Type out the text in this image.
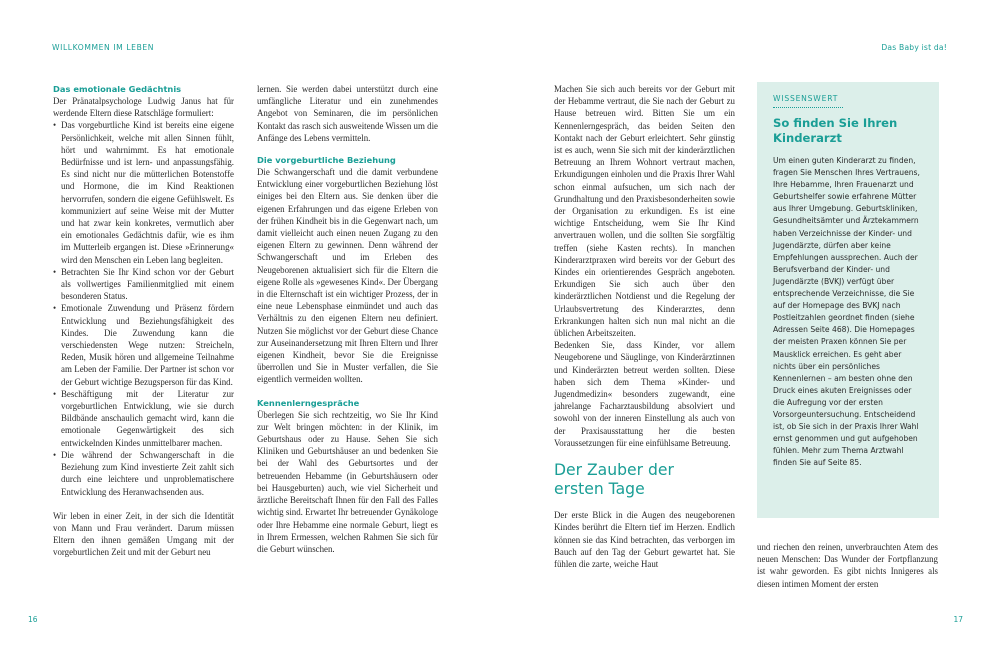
WILLKOMMEN IM LEBEN	Das Baby ist da!
Das emotionale Gedächtnis

Der Pränatalpsychologe Ludwig Janus hat für werdende Eltern diese Ratschläge formuliert:

• Das vorgeburtliche Kind ist bereits eine eigene Persönlichkeit, welche mit allen Sinnen fühlt, hört und wahrnimmt. Es hat emotionale Bedürfnisse und ist lern- und anpassungsfähig. Es sind nicht nur die mütterlichen Botenstoffe und Hormone, die im Kind Reaktionen hervorrufen, sondern die eigene Gefühlswelt. Es kommuniziert auf seine Weise mit der Mutter und hat zwar kein konkretes, vermutlich aber ein emotionales Gedächtnis dafür, wie es ihm im Mutterleib ergangen ist. Diese »Erinnerung« wird den Menschen ein Leben lang begleiten.
• Betrachten Sie Ihr Kind schon vor der Geburt als vollwertiges Familienmitglied mit einem besonderen Status.
• Emotionale Zuwendung und Präsenz fördern Entwicklung und Beziehungsfähigkeit des Kindes. Die Zuwendung kann die verschiedensten Wege nutzen: Streicheln, Reden, Musik hören und allgemeine Teilnahme am Leben der Familie. Der Partner ist schon vor der Geburt wichtige Bezugsperson für das Kind.
• Beschäftigung mit der Literatur zur vorgeburtlichen Entwicklung, wie sie durch Bildbände anschaulich gemacht wird, kann die emotionale Gegenwärtigkeit des sich entwickelnden Kindes unmittelbarer machen.
• Die während der Schwangerschaft in die Beziehung zum Kind investierte Zeit zahlt sich durch eine leichtere und unproblematischere Entwicklung des Heranwachsenden aus.

Wir leben in einer Zeit, in der sich die Identität von Mann und Frau verändert. Darum müssen Eltern den ihnen gemäßen Umgang mit der vorgeburtlichen Zeit und mit der Geburt neu

lernen. Sie werden dabei unterstützt durch eine umfängliche Literatur und ein zunehmendes Angebot von Seminaren, die im persönlichen Kontakt das rasch sich ausweitende Wissen um die Anfänge des Lebens vermitteln.

Die vorgeburtliche Beziehung

Die Schwangerschaft und die damit verbundene Entwicklung einer vorgeburtlichen Beziehung löst einiges bei den Eltern aus. Sie denken über die eigenen Erfahrungen und das eigene Erleben von der frühen Kindheit bis in die Gegenwart nach, um damit vielleicht auch einen neuen Zugang zu den eigenen Eltern zu gewinnen. Denn während der Schwangerschaft und im Erleben des Neugeborenen aktualisiert sich für die Eltern die eigene Rolle als »gewesenes Kind«. Der Übergang in die Elternschaft ist ein wichtiger Prozess, der in eine neue Lebensphase einmündet und auch das Verhältnis zu den eigenen Eltern neu definiert. Nutzen Sie möglichst vor der Geburt diese Chance zur Auseinandersetzung mit Ihren Eltern und Ihrer eigenen Kindheit, bevor Sie die Ereignisse überrollen und Sie in Muster verfallen, die Sie eigentlich vermeiden wollten.

Kennenlerngespräche

Überlegen Sie sich rechtzeitig, wo Sie Ihr Kind zur Welt bringen möchten: in der Klinik, im Geburtshaus oder zu Hause. Sehen Sie sich Kliniken und Geburtshäuser an und bedenken Sie bei der Wahl des Geburtsortes und der betreuenden Hebamme (in Geburtshäusern oder bei Hausgeburten) auch, wie viel Sicherheit und ärztliche Bereitschaft Ihnen für den Fall des Falles wichtig sind. Erwartet Ihr betreuender Gynäkologe oder Ihre Hebamme eine normale Geburt, liegt es in Ihrem Ermessen, welchen Rahmen Sie sich für die Geburt wünschen.

Machen Sie sich auch bereits vor der Geburt mit der Hebamme vertraut, die Sie nach der Geburt zu Hause betreuen wird. Bitten Sie um ein Kennenlerngespräch, das beiden Seiten den Kontakt nach der Geburt erleichtert. Sehr günstig ist es auch, wenn Sie sich mit der kinderärztlichen Betreuung an Ihrem Wohnort vertraut machen, Erkundigungen einholen und die Praxis Ihrer Wahl schon einmal aufsuchen, um sich nach der Grundhaltung und den Praxisbesonderheiten sowie der Organisation zu erkundigen. Es ist eine wichtige Entscheidung, wem Sie Ihr Kind anvertrauen wollen, und die sollten Sie sorgfältig treffen (siehe Kasten rechts). In manchen Kinderarztpraxen wird bereits vor der Geburt des Kindes ein orientierendes Gespräch angeboten. Erkundigen Sie sich auch über den kinderärztlichen Notdienst und die Regelung der Urlaubsvertretung des Kinderarztes, denn Erkrankungen halten sich nun mal nicht an die üblichen Arbeitszeiten.

Bedenken Sie, dass Kinder, vor allem Neugeborene und Säuglinge, von Kinderärztinnen und Kinderärzten betreut werden sollten. Diese haben sich dem Thema »Kinder- und Jugendmedizin« besonders zugewandt, eine jahrelange Facharztausbildung absolviert und sowohl von der inneren Einstellung als auch von der Praxisausstattung her die besten Voraussetzungen für eine einfühlsame Betreuung.

Der Zauber der
ersten Tage

Der erste Blick in die Augen des neugeborenen Kindes berührt die Eltern tief im Herzen. Endlich können sie das Kind betrachten, das verborgen im Bauch auf den Tag der Geburt gewartet hat. Sie fühlen die zarte, weiche Haut

WISSENSWERT
So finden Sie Ihren Kinderarzt

Um einen guten Kinderarzt zu finden, fragen Sie Menschen Ihres Vertrauens, Ihre Hebamme, Ihren Frauenarzt und Geburtshelfer sowie erfahrene Mütter aus Ihrer Umgebung. Geburtskliniken, Gesundheitsämter und Ärztekammern haben Verzeichnisse der Kinder- und Jugendärzte, dürfen aber keine Empfehlungen aussprechen. Auch der Berufsverband der Kinder- und Jugendärzte (BVKJ) verfügt über entsprechende Verzeichnisse, die Sie auf der Homepage des BVKJ nach Postleitzahlen geordnet finden (siehe Adressen Seite 468). Die Homepages der meisten Praxen können Sie per Mausklick erreichen. Es geht aber nichts über ein persönliches Kennenlernen – am besten ohne den Druck eines akuten Ereignisses oder die Aufregung vor der ersten Vorsorgeuntersuchung. Entscheidend ist, ob Sie sich in der Praxis Ihrer Wahl ernst genommen und gut aufgehoben fühlen. Mehr zum Thema Arztwahl finden Sie auf Seite 85.

und riechen den reinen, unverbrauchten Atem des neuen Menschen: Das Wunder der Fortpflanzung ist wahr geworden. Es gibt nichts Innigeres als diesen intimen Moment der ersten

16	17
